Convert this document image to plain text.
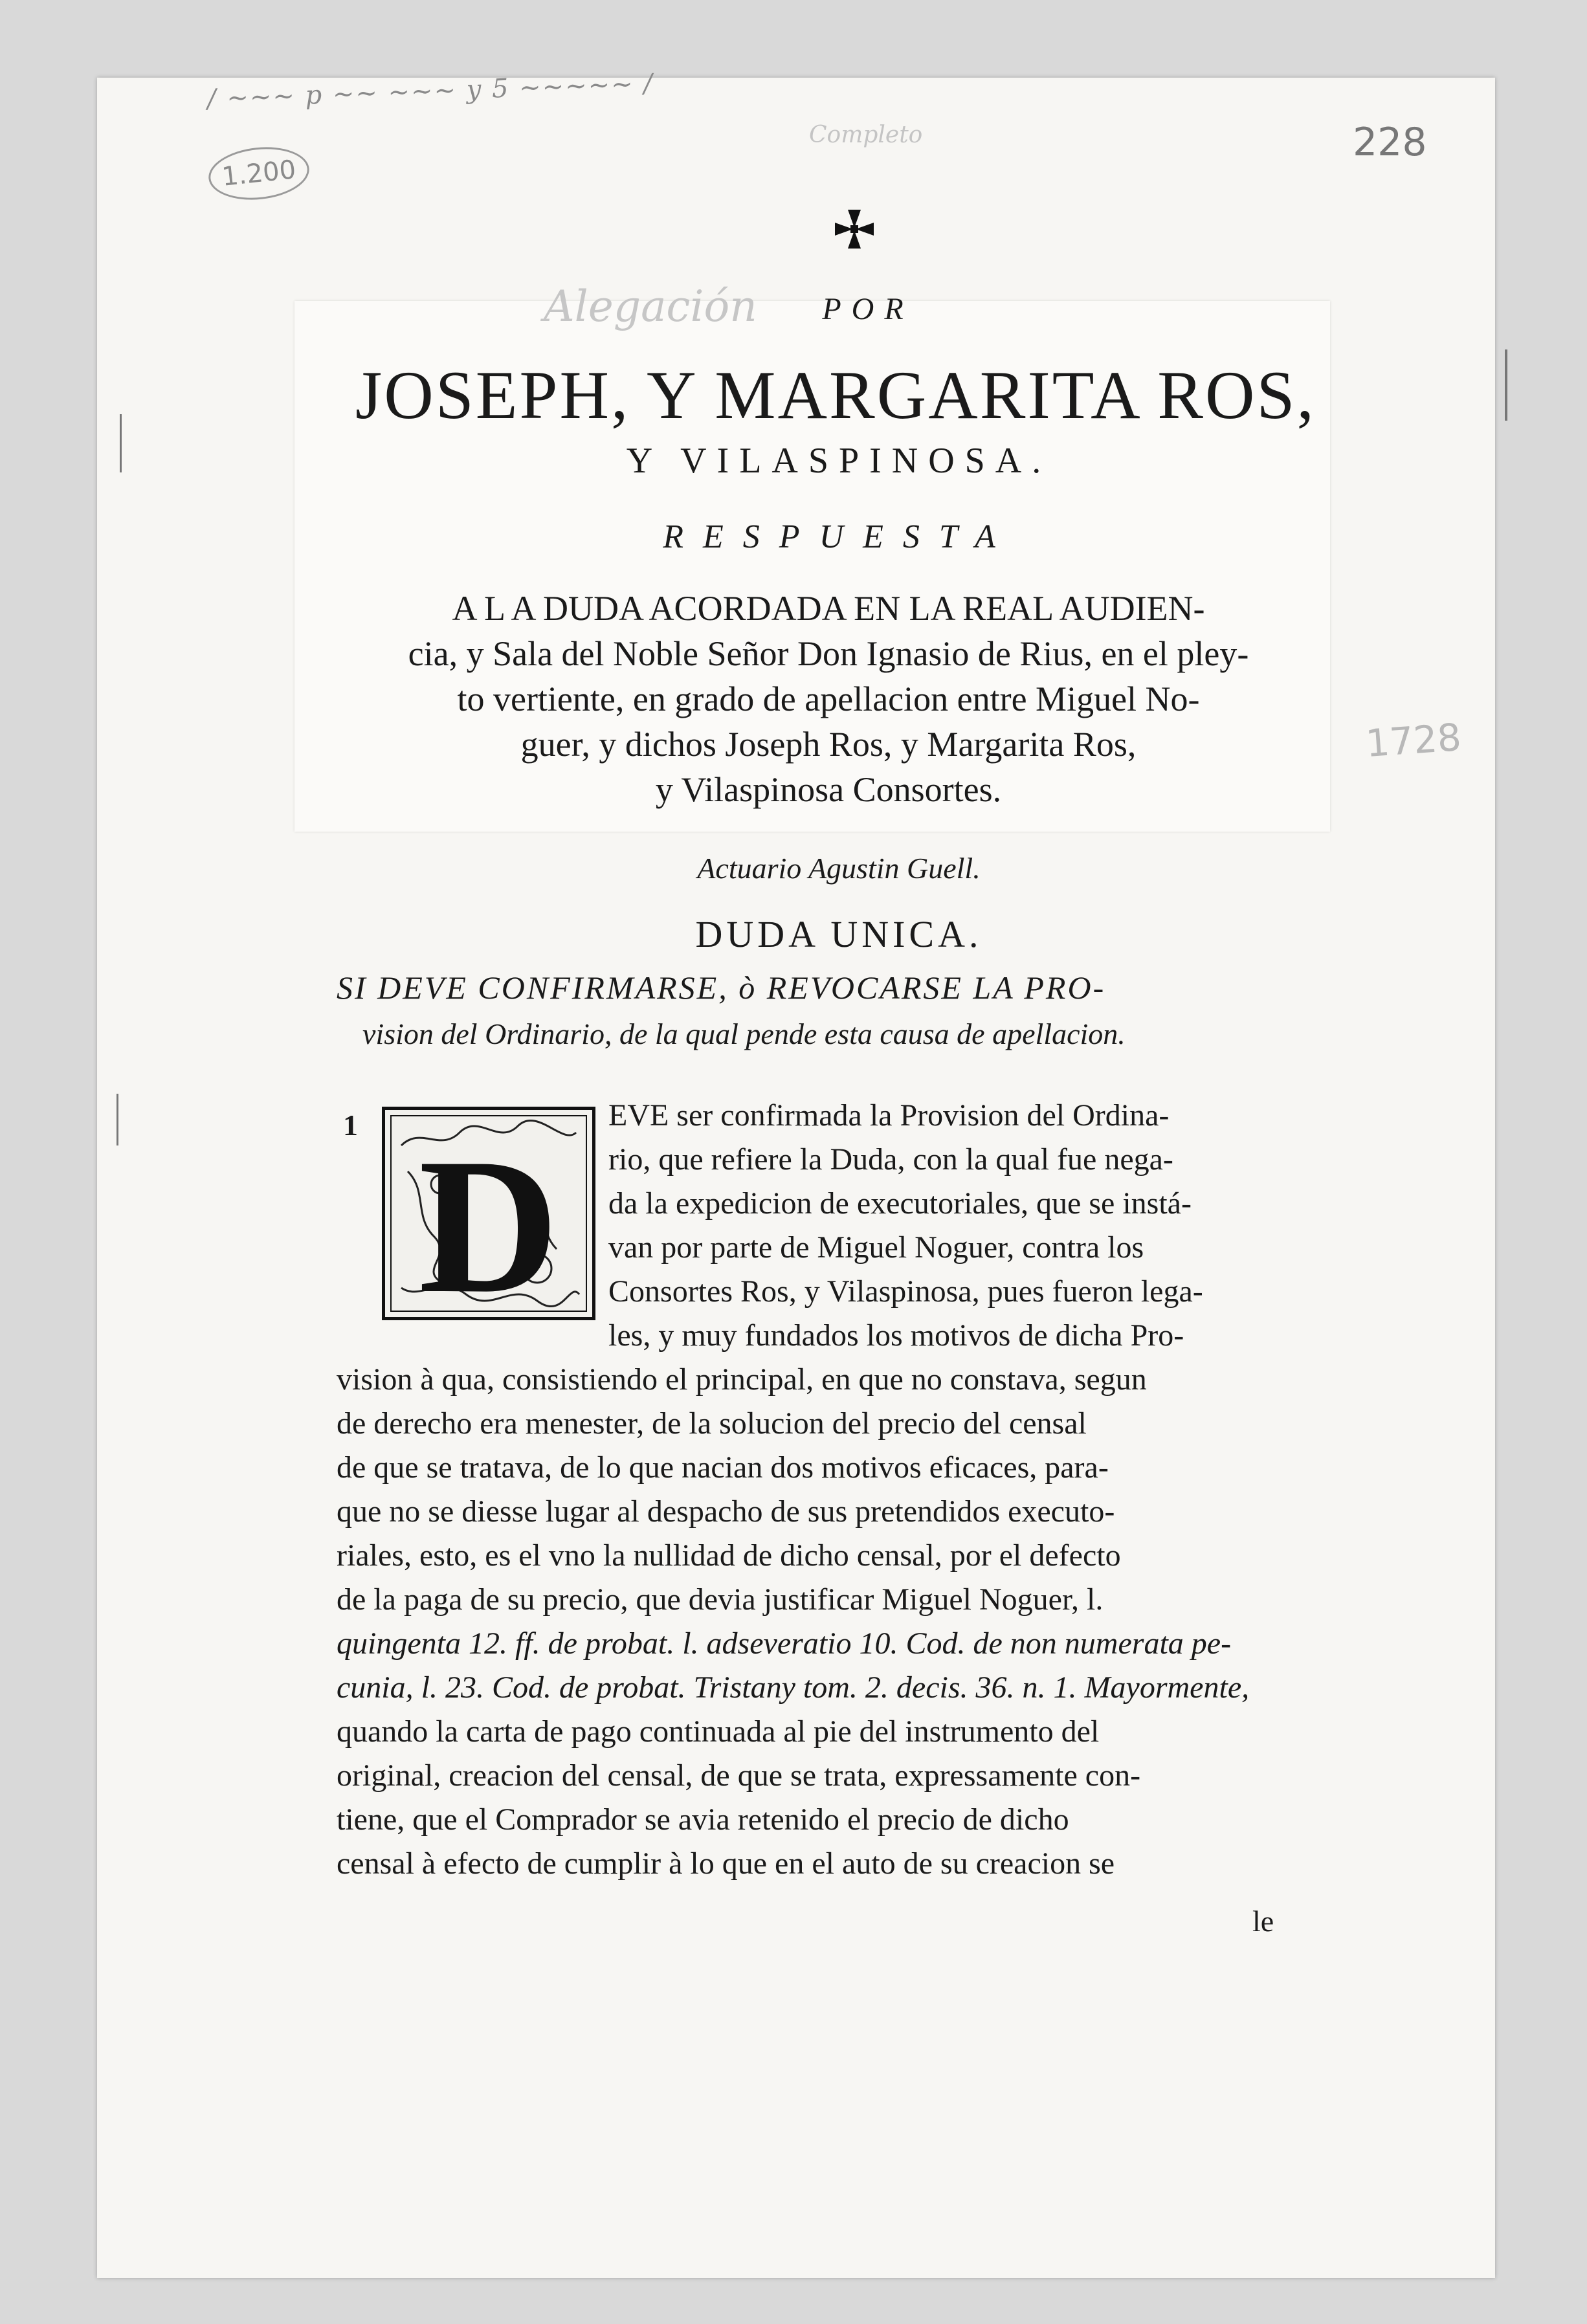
/ ~~~ p ~~ ~~~ y 5 ~~~~~ /
1.200
Completo	228
Alegación
1728
POR
JOSEPH, Y MARGARITA ROS,
Y VILASPINOSA.
RESPUESTA
A L A DUDA ACORDADA EN LA REAL AUDIEN-
cia, y Sala del Noble Señor Don Ignasio de Rius, en el pley-
to vertiente, en grado de apellacion entre Miguel No-
guer, y dichos Joseph Ros, y Margarita Ros,
y Vilaspinosa Consortes.
Actuario Agustin Guell.
DUDA UNICA.
SI DEVE CONFIRMARSE, ò REVOCARSE LA PRO-
vision del Ordinario, de la qual pende esta causa de apellacion.
1 D
EVE ser confirmada la Provision del Ordina-
rio, que refiere la Duda, con la qual fue nega-
da la expedicion de executoriales, que se instá-
van por parte de Miguel Noguer, contra los
Consortes Ros, y Vilaspinosa, pues fueron lega-
les, y muy fundados los motivos de dicha Pro-
vision à qua, consistiendo el principal, en que no constava, segun
de derecho era menester, de la solucion del precio del censal
de que se tratava, de lo que nacian dos motivos eficaces, para-
que no se diesse lugar al despacho de sus pretendidos executo-
riales, esto, es el vno la nullidad de dicho censal, por el defecto
de la paga de su precio, que devia justificar Miguel Noguer, l.
quingenta 12. ff. de probat. l. adseveratio 10. Cod. de non numerata pe-
cunia, l. 23. Cod. de probat. Tristany tom. 2. decis. 36. n. 1. Mayormente,
quando la carta de pago continuada al pie del instrumento del
original, creacion del censal, de que se trata, expressamente con-
tiene, que el Comprador se avia retenido el precio de dicho
censal à efecto de cumplir à lo que en el auto de su creacion se
le
